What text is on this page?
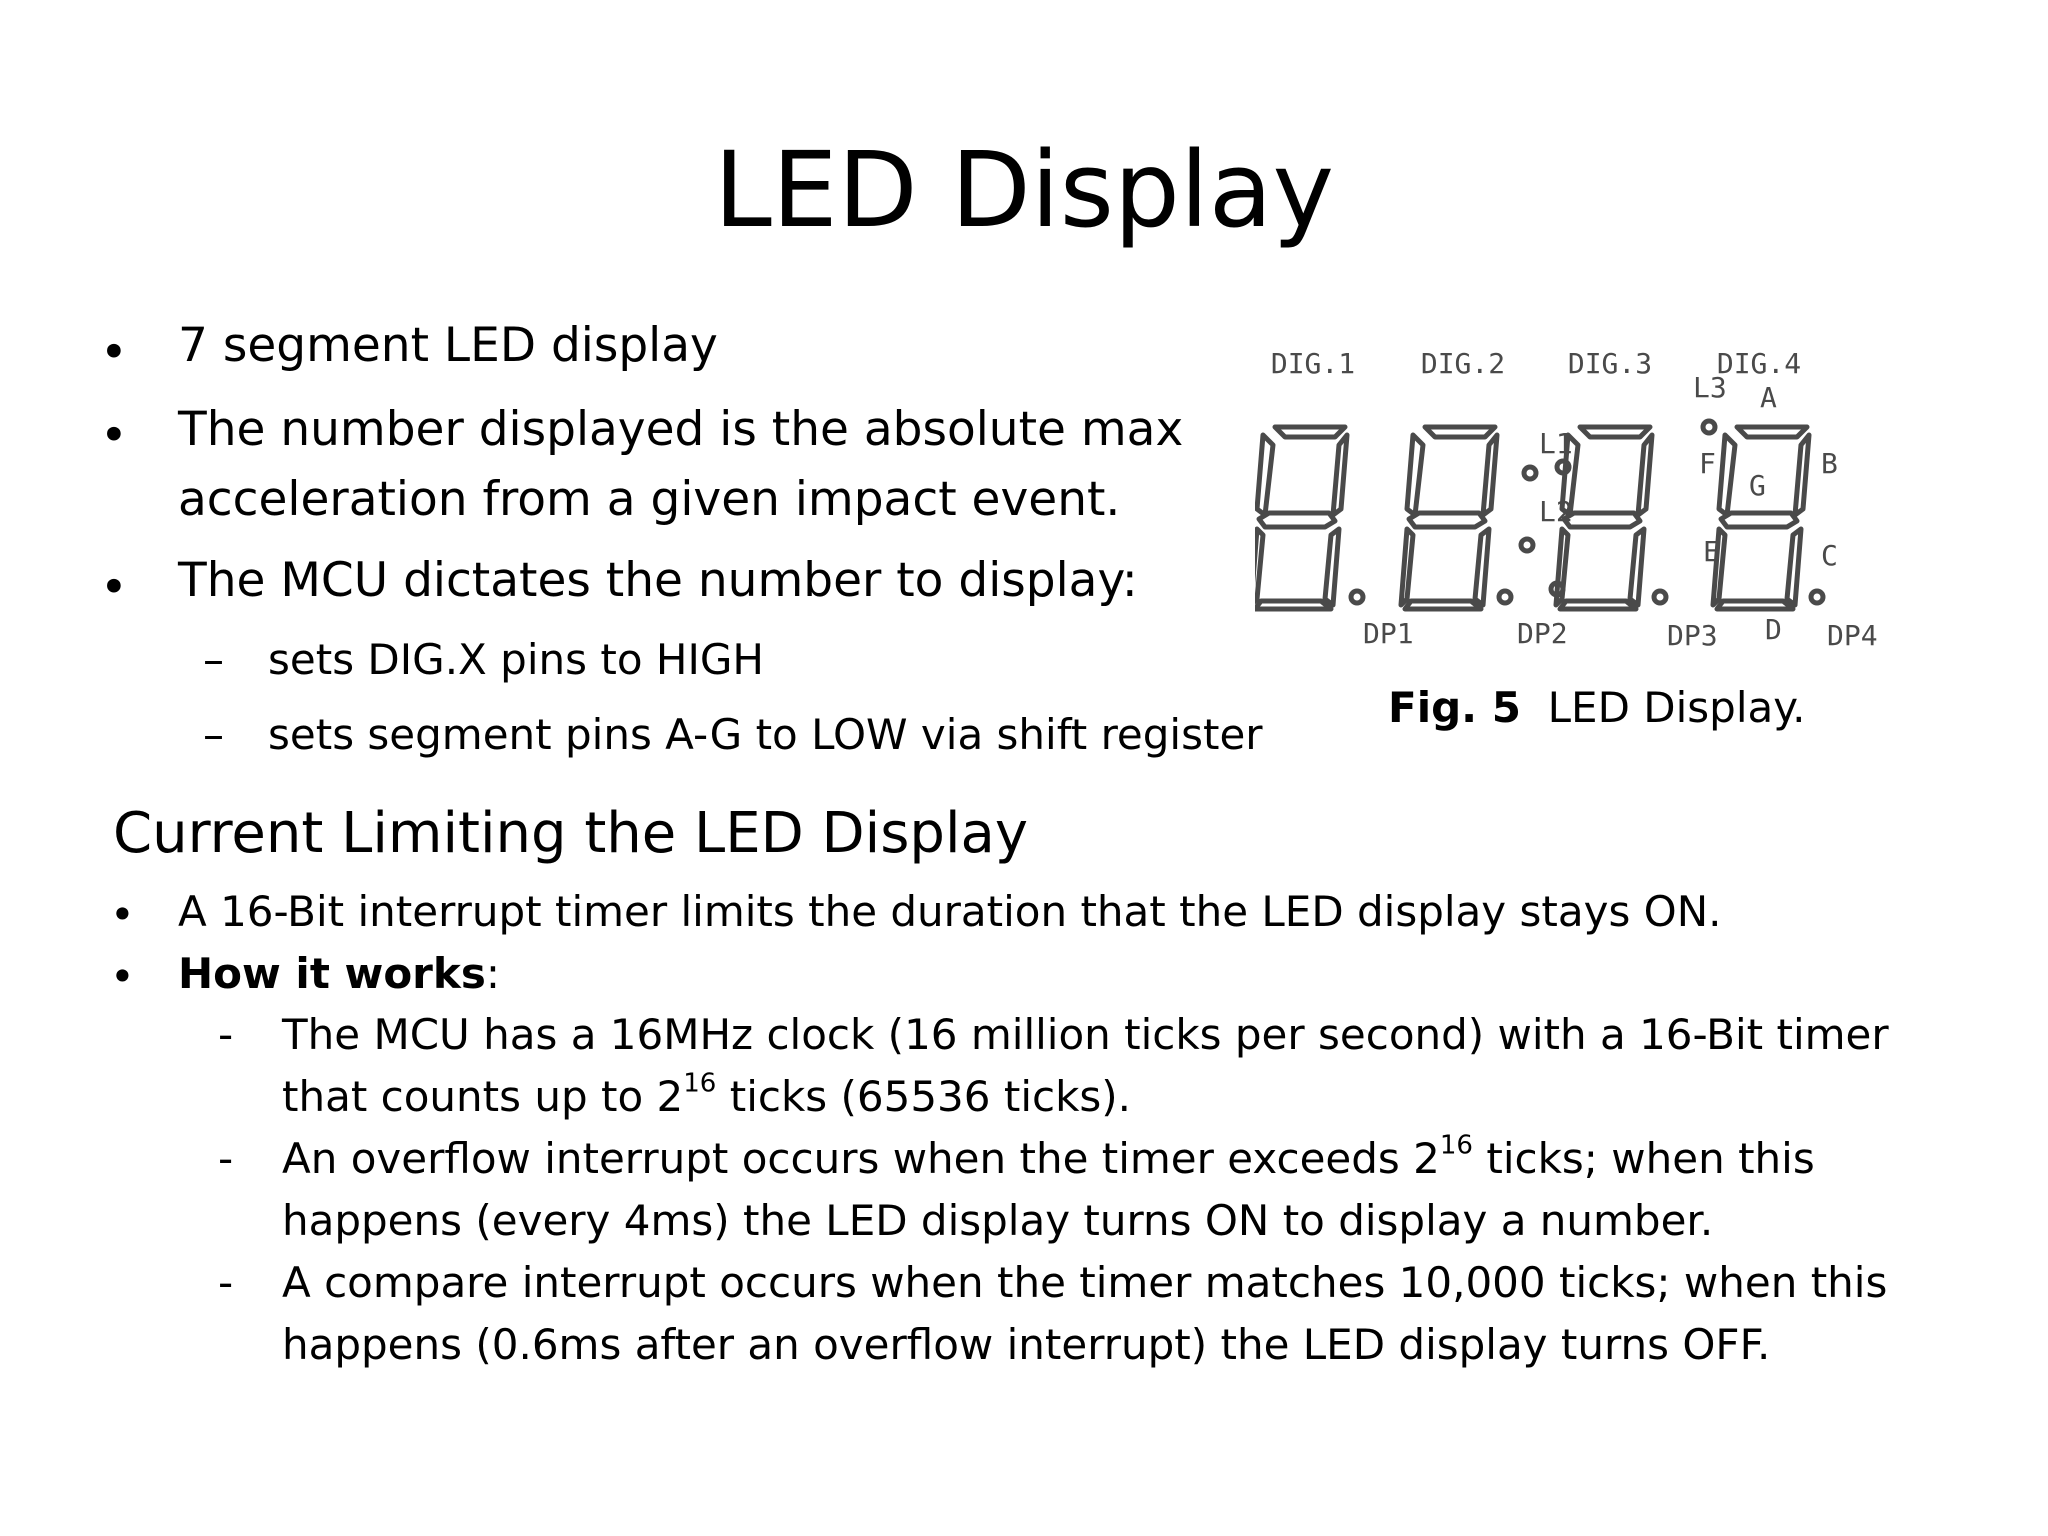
LED Display
• 7 segment LED display
• The number displayed is the absolute max
acceleration from a given impact event.
• The MCU dictates the number to display:
– sets DIG.X pins to HIGH
– sets segment pins A-G to LOW via shift register
DIG.1 DIG.2 DIG.3 DIG.4
DP1	DP2	DP3	DP4
A
B
C
D
E
F
G
L1
L2
L3
Fig. 5 LED Display.
Current Limiting the LED Display
• A 16-Bit interrupt timer limits the duration that the LED display stays ON.
• How it works:
- The MCU has a 16MHz clock (16 million ticks per second) with a 16-Bit timer
that counts up to $2^{16}$ ticks (65536 ticks).
- An overflow interrupt occurs when the timer exceeds $2^{16}$ ticks; when this
happens (every 4ms) the LED display turns ON to display a number.
- A compare interrupt occurs when the timer matches 10,000 ticks; when this
happens (0.6ms after an overflow interrupt) the LED display turns OFF.
